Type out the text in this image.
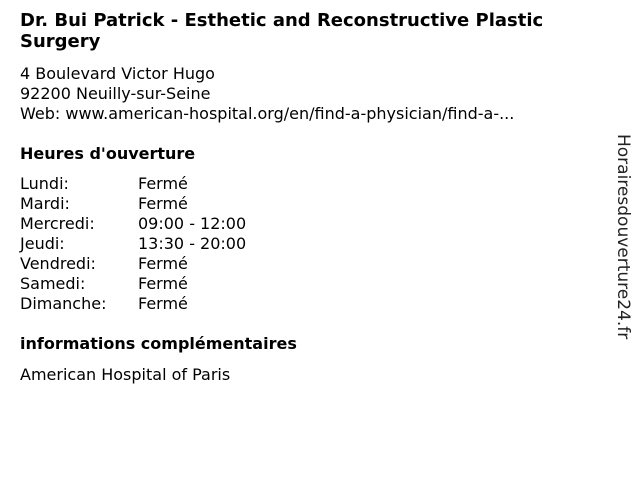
Dr. Bui Patrick - Esthetic and Reconstructive Plastic Surgery
4 Boulevard Victor Hugo
92200 Neuilly-sur-Seine
Web: www.american-hospital.org/en/find-a-physician/find-a-...
Heures d'ouverture
Lundi:	Fermé
Mardi:	Fermé
Mercredi:	09:00 - 12:00
Jeudi:	13:30 - 20:00
Vendredi:	Fermé
Samedi:	Fermé
Dimanche: Fermé
informations complémentaires
American Hospital of Paris
Horairesdouverture24.fr
